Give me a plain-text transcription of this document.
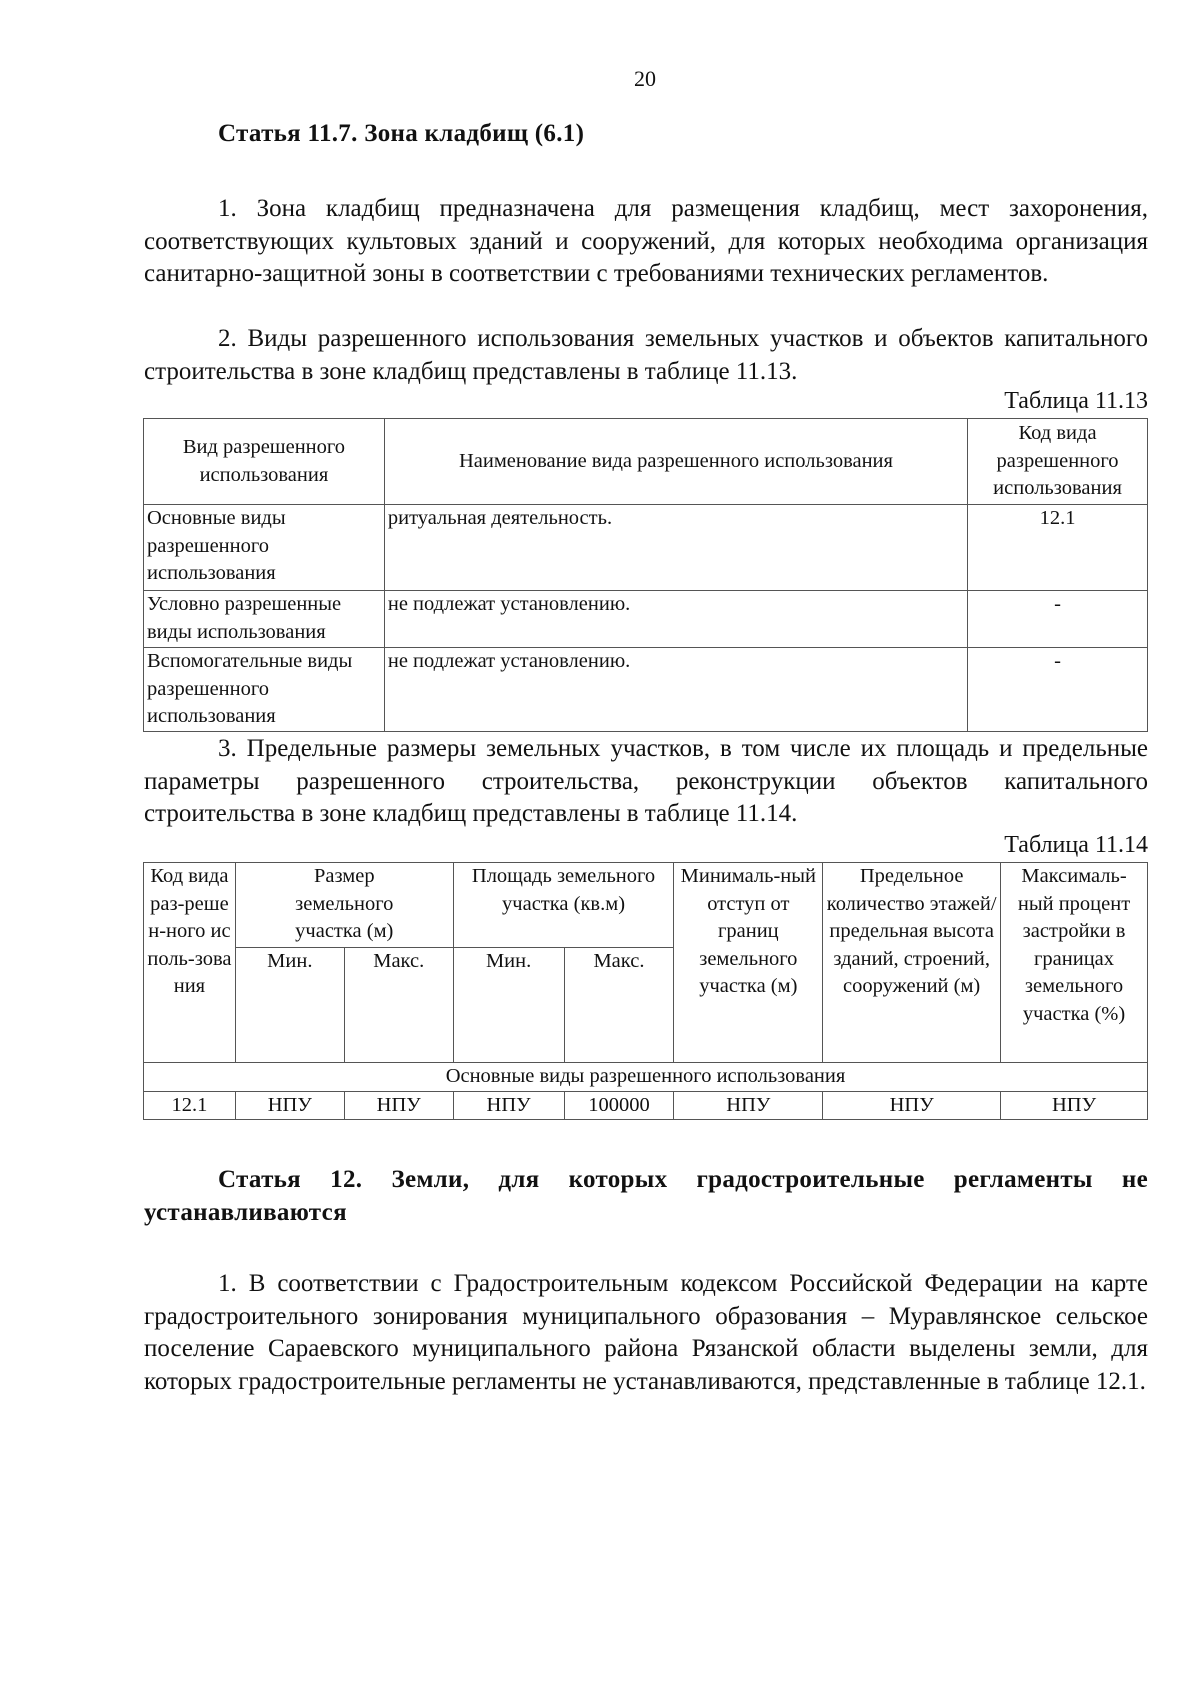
20
Статья 11.7. Зона кладбищ (6.1)
1. Зона кладбищ предназначена для размещения кладбищ, мест захоронения, соответствующих культовых зданий и сооружений, для которых необходима организация санитарно-защитной зоны в соответствии с требованиями технических регламентов.
2. Виды разрешенного использования земельных участков и объектов капитального строительства в зоне кладбищ представлены в таблице 11.13.
Таблица 11.13
Вид разрешенного использования	Наименование вида разрешенного использования	Код вида разрешенного использования
Основные виды разрешенного использования	ритуальная деятельность.	12.1
Условно разрешенные виды использования	не подлежат установлению.	-
Вспомогательные виды разрешенного использования	не подлежат установлению.	-
3. Предельные размеры земельных участков, в том числе их площадь и предельные параметры разрешенного строительства, реконструкции объектов капитального строительства в зоне кладбищ представлены в таблице 11.14.
Таблица 11.14
Код вида раз-решен-ного исполь-зования	Размер земельного участка (м)		Площадь земельного участка (кв.м)		Минималь-ный отступ от границ земельного участка (м)	Предельное количество этажей/ предельная высота зданий, строений, сооружений (м)	Максималь-ный процент застройки в границах земельного участка (%)
	Мин.	Макс.	Мин.	Макс.			
Основные виды разрешенного использования							
12.1	НПУ	НПУ	НПУ	100000	НПУ	НПУ	НПУ
Статья 12. Земли, для которых градостроительные регламенты не устанавливаются
1. В соответствии с Градостроительным кодексом Российской Федерации на карте градостроительного зонирования муниципального образования – Муравлянское сельское поселение Сараевского муниципального района Рязанской области выделены земли, для которых градостроительные регламенты не устанавливаются, представленные в таблице 12.1.
